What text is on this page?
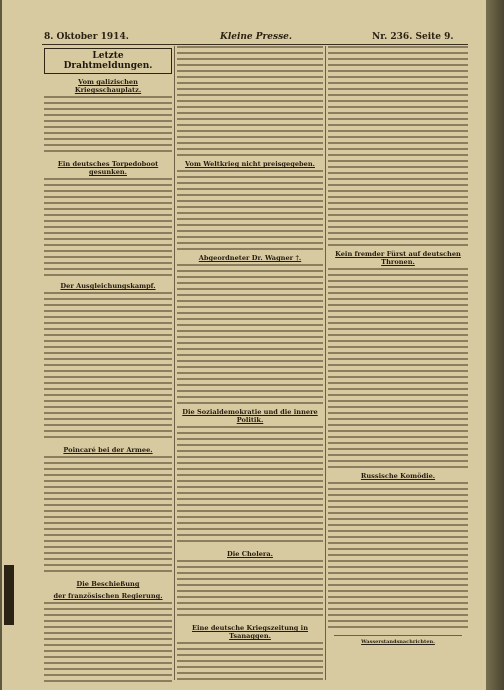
8. Oktober 1914.	Kleine Presse.	Nr. 236. Seite 9.
Letzte Drahtmeldungen.
Vom galizischen Kriegsschauplatz.
Ein deutsches Torpedoboot gesunken.
Der Ausgleichungskampf.
Poincaré bei der Armee.
Die Beschießung
der französischen Regierung.
Vom Weltkrieg nicht preisgegeben.
Abgeordneter Dr. Wagner †.
Die Sozialdemokratie und die innere Politik.
Die Cholera.
Eine deutsche Kriegszeitung in Tsanaggen.
Kein fremder Fürst auf deutschen Thronen.
Russische Komödie.
Wasserstandsnachrichten.
